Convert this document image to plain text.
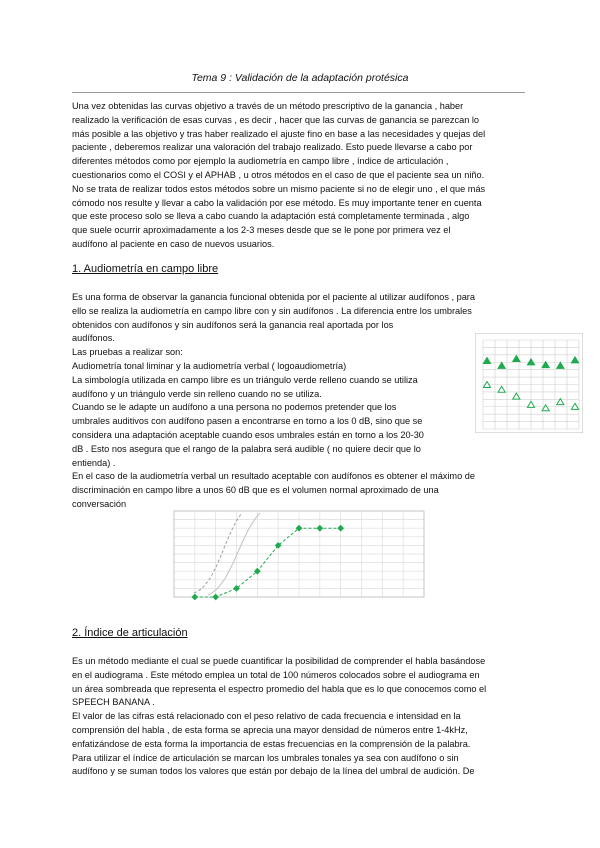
Tema 9 : Validación de la adaptación protésica
Una vez obtenidas las curvas objetivo a través de un método prescriptivo de la ganancia , haber
realizado la verificación de esas curvas , es decir , hacer que las curvas de ganancia se parezcan lo
más posible a las objetivo y tras haber realizado el ajuste fino en base a las necesidades y quejas del
paciente , deberemos realizar una valoración del trabajo realizado. Esto puede llevarse a cabo por
diferentes métodos como por ejemplo la audiometría en campo libre , índice de articulación ,
cuestionarios como el COSI y el APHAB , u otros métodos en el caso de que el paciente sea un niño.
No se trata de realizar todos estos métodos sobre un mismo paciente si no de elegir uno , el que más
cómodo nos resulte y llevar a cabo la validación por ese método. Es muy importante tener en cuenta
que este proceso solo se lleva a cabo cuando la adaptación está completamente terminada , algo
que suele ocurrir aproximadamente a los 2-3 meses desde que se le pone por primera vez el
audífono al paciente en caso de nuevos usuarios.
1. Audiometría en campo libre
Es una forma de observar la ganancia funcional obtenida por el paciente al utilizar audífonos , para
ello se realiza la audiometría en campo libre con y sin audífonos . La diferencia entre los umbrales
obtenidos con audífonos y sin audífonos será la ganancia real aportada por los
audífonos.
Las pruebas a realizar son:
Audiometría tonal liminar y la audiometría verbal ( logoaudiometría)
La simbología utilizada en campo libre es un triángulo verde relleno cuando se utiliza
audífono y un triángulo verde sin relleno cuando no se utiliza.
Cuando se le adapte un audífono a una persona no podemos pretender que los
umbrales auditivos con audífono pasen a encontrarse en torno a los 0 dB, sino que se
considera una adaptación aceptable cuando esos umbrales están en torno a los 20-30
dB . Esto nos asegura que el rango de la palabra será audible ( no quiere decir que lo
entienda) .
En el caso de la audiometría verbal un resultado aceptable con audífonos es obtener el máximo de
discriminación en campo libre a unos 60 dB que es el volumen normal aproximado de una
conversación
2. Índice de articulación
Es un método mediante el cual se puede cuantificar la posibilidad de comprender el habla basándose
en el audiograma . Este método emplea un total de 100 números colocados sobre el audiograma en
un área sombreada que representa el espectro promedio del habla que es lo que conocemos como el
SPEECH BANANA .
El valor de las cifras está relacionado con el peso relativo de cada frecuencia e intensidad en la
comprensión del habla , de esta forma se aprecia una mayor densidad de números entre 1-4kHz,
enfatizándose de esta forma la importancia de estas frecuencias en la comprensión de la palabra.
Para utilizar el índice de articulación se marcan los umbrales tonales ya sea con audífono o sin
audífono y se suman todos los valores que están por debajo de la línea del umbral de audición. De
